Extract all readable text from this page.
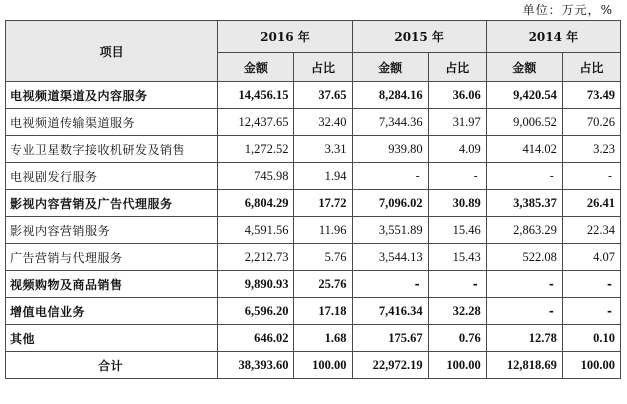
单位：万元，%
项目	2016 年		2015 年		2014 年	
	金额	占比	金额	占比	金额	占比
电视频道渠道及内容服务	14,456.15	37.65	8,284.16	36.06	9,420.54	73.49
电视频道传输渠道服务	12,437.65	32.40	7,344.36	31.97	9,006.52	70.26
专业卫星数字接收机研发及销售	1,272.52	3.31	939.80	4.09	414.02	3.23
电视剧发行服务	745.98	1.94	-	-	-	-
影视内容营销及广告代理服务	6,804.29	17.72	7,096.02	30.89	3,385.37	26.41
影视内容营销服务	4,591.56	11.96	3,551.89	15.46	2,863.29	22.34
广告营销与代理服务	2,212.73	5.76	3,544.13	15.43	522.08	4.07
视频购物及商品销售	9,890.93	25.76	-	-	-	-
增值电信业务	6,596.20	17.18	7,416.34	32.28	-	-
其他	646.02	1.68	175.67	0.76	12.78	0.10
合计	38,393.60	100.00	22,972.19	100.00	12,818.69	100.00
